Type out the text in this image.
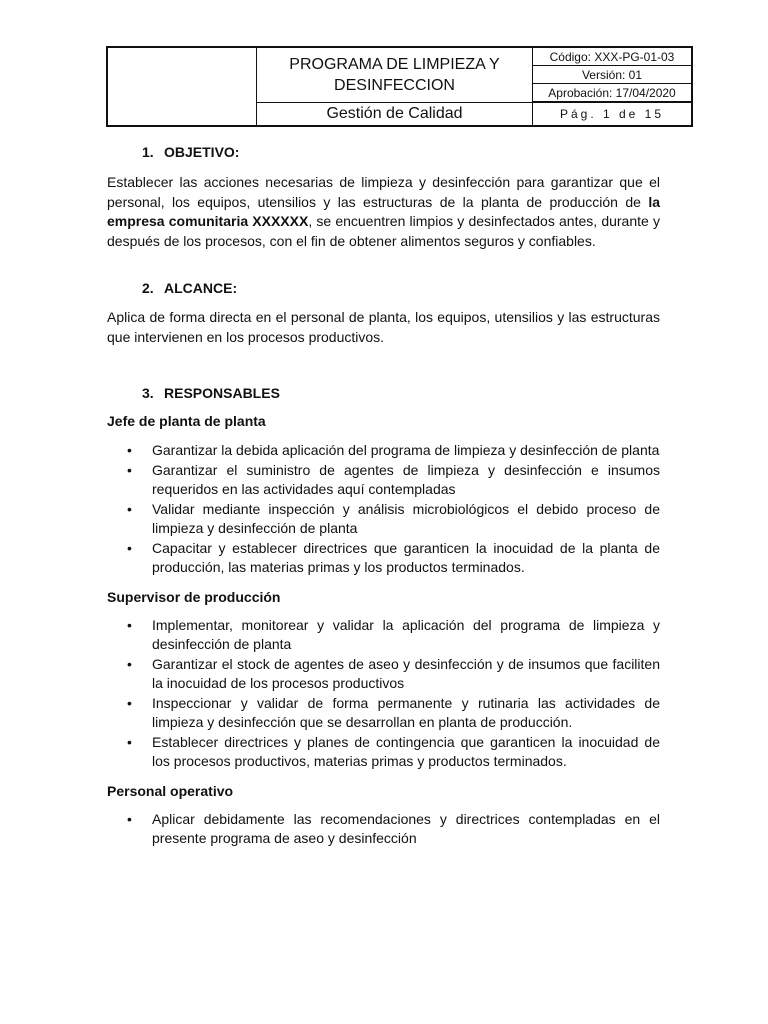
	PROGRAMA DE LIMPIEZA Y
DESINFECCION	Código: XXX-PG-01-03
		Versión: 01
		Aprobación: 17/04/2020
	Gestión de Calidad	Pág. 1 de 15
1. OBJETIVO:

Establecer las acciones necesarias de limpieza y desinfección para garantizar que el personal, los equipos, utensilios y las estructuras de la planta de producción de la empresa comunitaria XXXXXX, se encuentren limpios y desinfectados antes, durante y después de los procesos, con el fin de obtener alimentos seguros y confiables.

2. ALCANCE:

Aplica de forma directa en el personal de planta, los equipos, utensilios y las estructuras que intervienen en los procesos productivos.

3. RESPONSABLES

Jefe de planta de planta

• Garantizar la debida aplicación del programa de limpieza y desinfección de planta
• Garantizar el suministro de agentes de limpieza y desinfección e insumos requeridos en las actividades aquí contempladas
• Validar mediante inspección y análisis microbiológicos el debido proceso de limpieza y desinfección de planta
• Capacitar y establecer directrices que garanticen la inocuidad de la planta de producción, las materias primas y los productos terminados.

Supervisor de producción

• Implementar, monitorear y validar la aplicación del programa de limpieza y desinfección de planta
• Garantizar el stock de agentes de aseo y desinfección y de insumos que faciliten la inocuidad de los procesos productivos
• Inspeccionar y validar de forma permanente y rutinaria las actividades de limpieza y desinfección que se desarrollan en planta de producción.
• Establecer directrices y planes de contingencia que garanticen la inocuidad de   los procesos productivos, materias primas y productos terminados.

Personal operativo

• Aplicar debidamente las recomendaciones y directrices contempladas en el presente programa de aseo y desinfección
